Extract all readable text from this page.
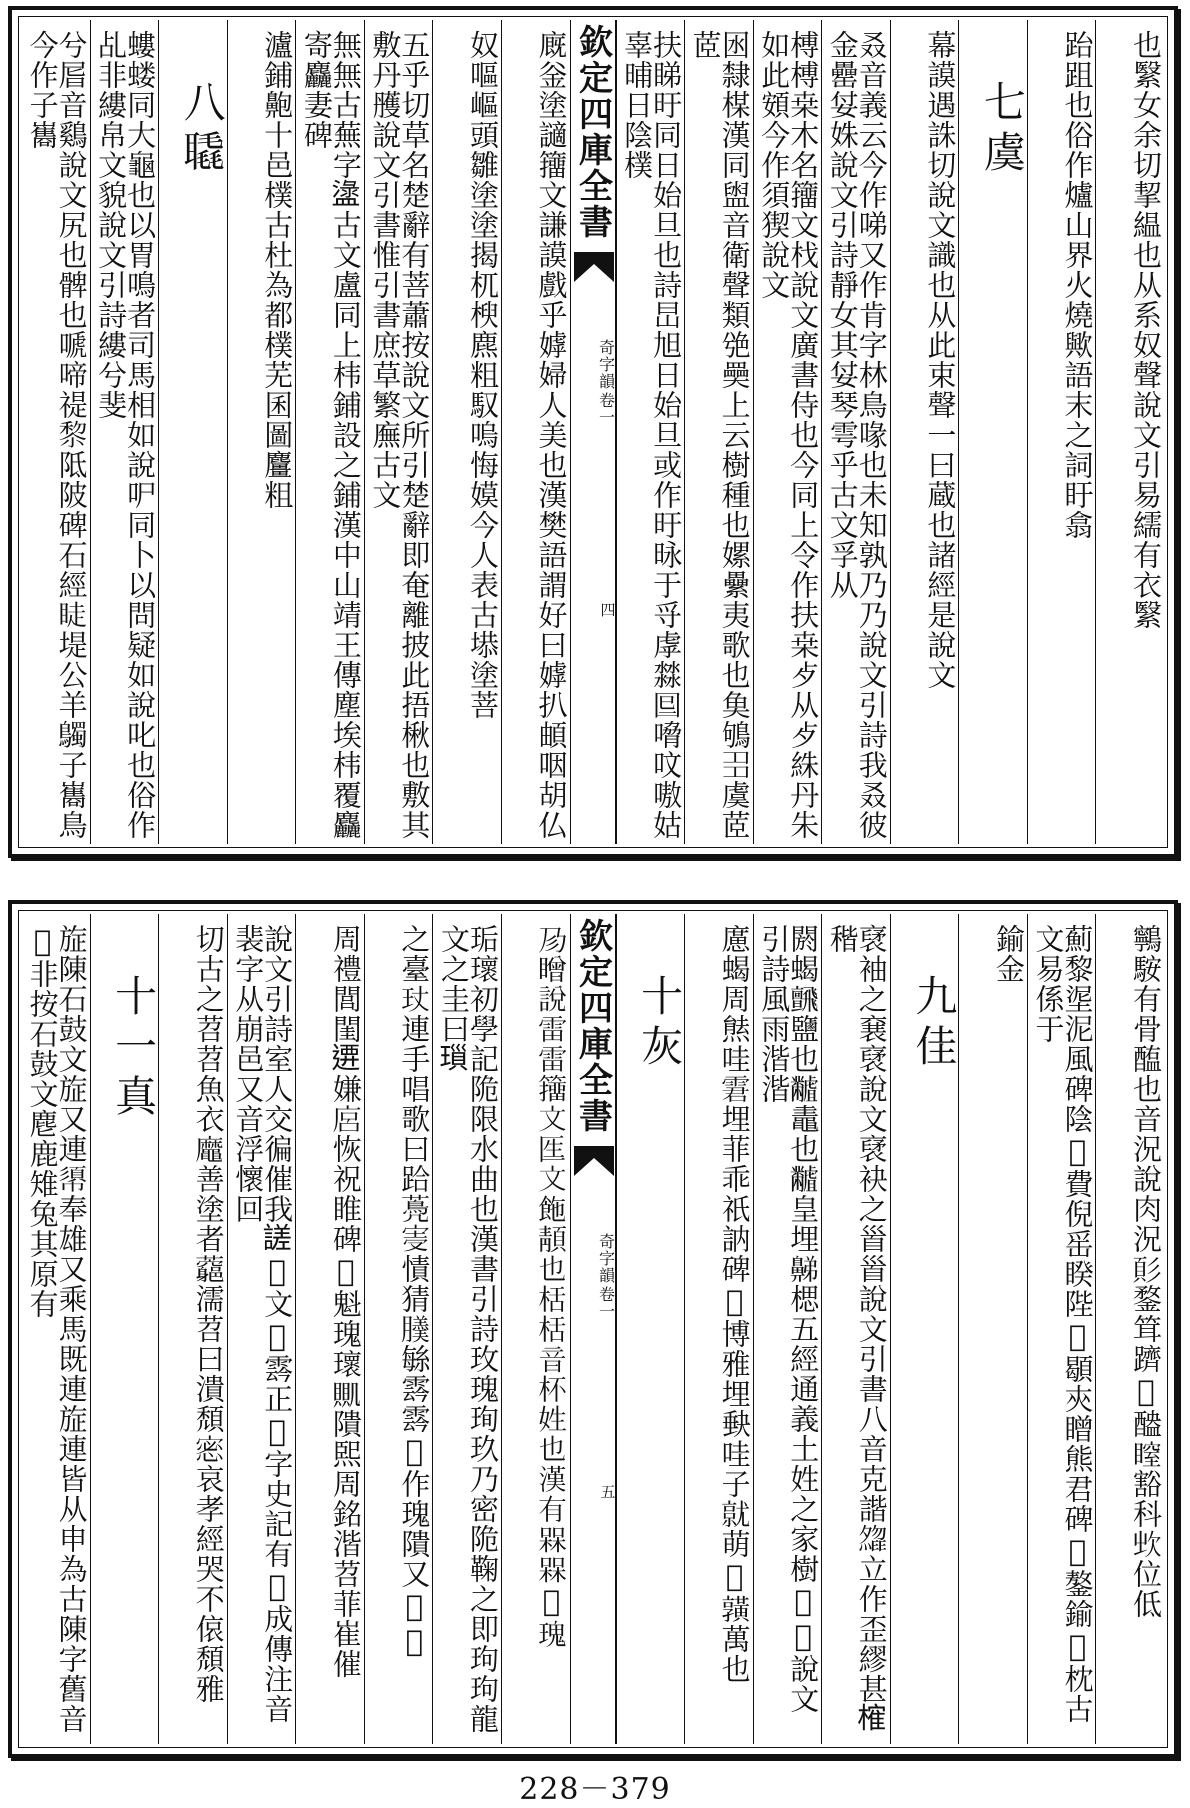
也繄女余切挈緼也从系奴聲說文引易繻有衣繄
跆跙也俗作爐山界火燒歟語末之詞盱翕
七虞
幕謨遇誅切說文識也从此束聲一曰蔵也諸經是說文
叒音義云今作㖒又作肯字林鳥喙也未知孰乃乃說文引詩我叒彼金罍姇姝說文引詩靜女其姇琴雩乎古文孚从
榑榑桒木名籒文𣏾說文廣書侍也今同上令作扶桒歺从歺絑丹朱如此頞今作須猰說文
囦隸楳漢同盥音衛聲類䒊奰上云樹種也嫘纍夷歌也𩵋鴝𡖈虞茝茝
扶睇旴同日始旦也詩旵旭日始旦或作旴昹于寽虖㵘𡇆嗋呅嗷姑辜晡日陰樸
欽定四庫全書
奇字韻
卷一
四
廐釡塗讁籒文謙謨戲乎嫭婦人美也漢樊語謂好曰嫭扒頔咽胡仏
奴嘔嶇頭雛塗塗揭杌楰麃粗馭嗚悔嫫今人表古塨塗菩
五乎切草名楚辭有菩蕭按說文所引楚辭即奄離披此捂楸也敷其敷丹雘說文引書惟引書庶草繁廡古文
無無古蕪字𥂖古文盧同上㭏鋪設之鋪漢中山靖王傳塵埃㭏覆麤寄麤妻碑
瀘鋪䶌十邑樸古杜為都樸芜囷圖麠粗
八𦗨
螻蝼同大龜也以胃鳴者司馬相如說㕧同卜以問疑如說叱也俗作乩非縷帛文貌說文引詩縷兮斐
兮㞓音鷄說文尻也髀也嗁啼禔𥟖阺陂碑石經𥆥堤公羊𪇆子巂鳥今作子巂
鸋𩣑有骨醢也音況說肉況𩑘鍪䇯躋𧨕醠𥉺豁科𣢑位低
薊黎埿泥風碑陰𠉀費倪䍃睽陛𡕾䫘㚒䁬熊君碑𩫷鏊鍮𧻰枕古文易係于
鍮金
九佳
裦袖之㐮裦說文裦袂之𩠐𩠐說文引書八音克諧𡗃立作歪繆甚𣙜稭
閼蝎𩙼鹽也𪓐鼃也𪓐皇埋𪖦楒五經通義土姓之家樹𧛭𣹆說文引詩風雨湝湝
㢜蝎周㷱哇𩂿埋菲乖祇訥碑𡑀博雅埋𡙇哇子𡰔萌𩒶𪏆萬也
十灰
欽定四庫全書
奇字韻
卷一
五
𢒀䁬說雷雷籒文𠤵文𩛆𩓨也栝栝音杯姓也漢有槑槑𣐼瑰
㻈瓌初學記陒限水曲也漢書引詩玫瑰珣玖乃密陒鞠之即玽玽龍文之圭曰𤨏
之臺𤣸連手唱歌曰跲𦽏𡨊㥽猜𦢋䋣𩃬𩃬𢫃作瑰隤又𢧐𢧐
周禮閭閨𨔰嫌𢈚恢祝睢碑𩴌魁瑰瓌𧶹隤𤋮周銘湝苕菲崔催
說文引詩室人交徧催我𧪘𩃣文𩃣𩃬正𠝣字史記有𠝣成傳注音裴字从崩邑又音浮懷回
切古之苕苕魚衣𪓹善塗者𧅉濡苕曰潰頹𢛬哀孝經哭不偯頹雅
十一真
㫌陳石鼓文㫌又連𢄼奉雄又乘馬既連㫌連皆从申為古陳字舊音𤜿非按石鼓文麀鹿雉兔其原有
228－379
